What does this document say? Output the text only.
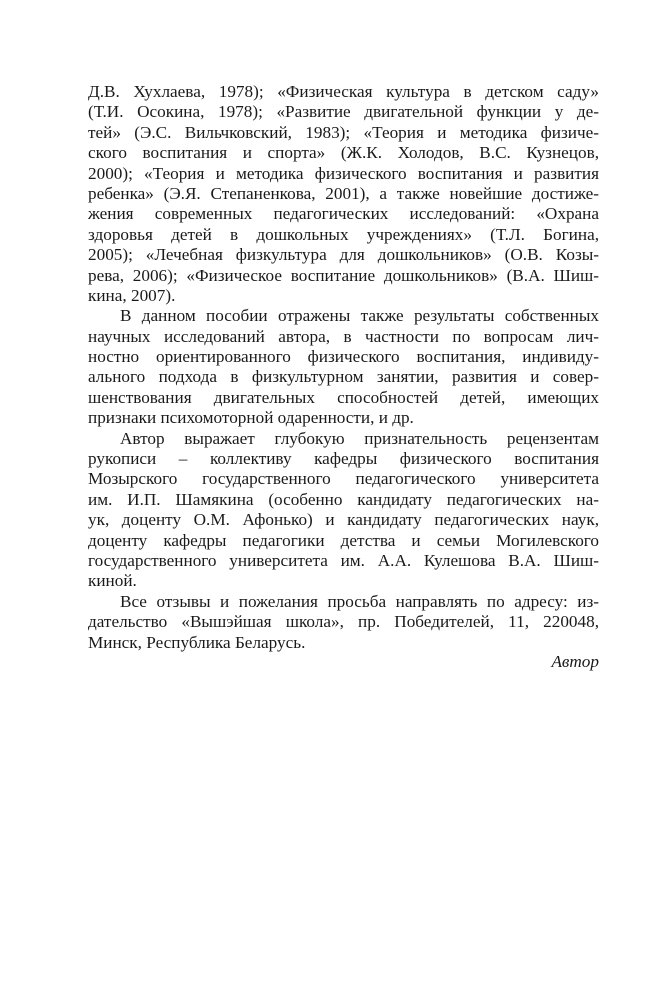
Д.В. Хухлаева, 1978); «Физическая культура в детском саду»
(Т.И. Осокина, 1978); «Развитие двигательной функции у де-
тей» (Э.С. Вильчковский, 1983); «Теория и методика физиче-
ского воспитания и спорта» (Ж.К. Холодов, В.С. Кузнецов,
2000); «Теория и методика физического воспитания и развития
ребенка» (Э.Я. Степаненкова, 2001), а также новейшие достиже-
жения современных педагогических исследований: «Охрана
здоровья детей в дошкольных учреждениях» (Т.Л. Богина,
2005); «Лечебная физкультура для дошкольников» (О.В. Козы-
рева, 2006); «Физическое воспитание дошкольников» (В.А. Шиш-
кина, 2007).
В данном пособии отражены также результаты собственных
научных исследований автора, в частности по вопросам лич-
ностно ориентированного физического воспитания, индивиду-
ального подхода в физкультурном занятии, развития и совер-
шенствования двигательных способностей детей, имеющих
признаки психомоторной одаренности, и др.
Автор выражает глубокую признательность рецензентам
рукописи – коллективу кафедры физического воспитания
Мозырского государственного педагогического университета
им. И.П. Шамякина (особенно кандидату педагогических на-
ук, доценту О.М. Афонько) и кандидату педагогических наук,
доценту кафедры педагогики детства и семьи Могилевского
государственного университета им. А.А. Кулешова В.А. Шиш-
киной.
Все отзывы и пожелания просьба направлять по адресу: из-
дательство «Вышэйшая школа», пр. Победителей, 11, 220048,
Минск, Республика Беларусь.
Автор
